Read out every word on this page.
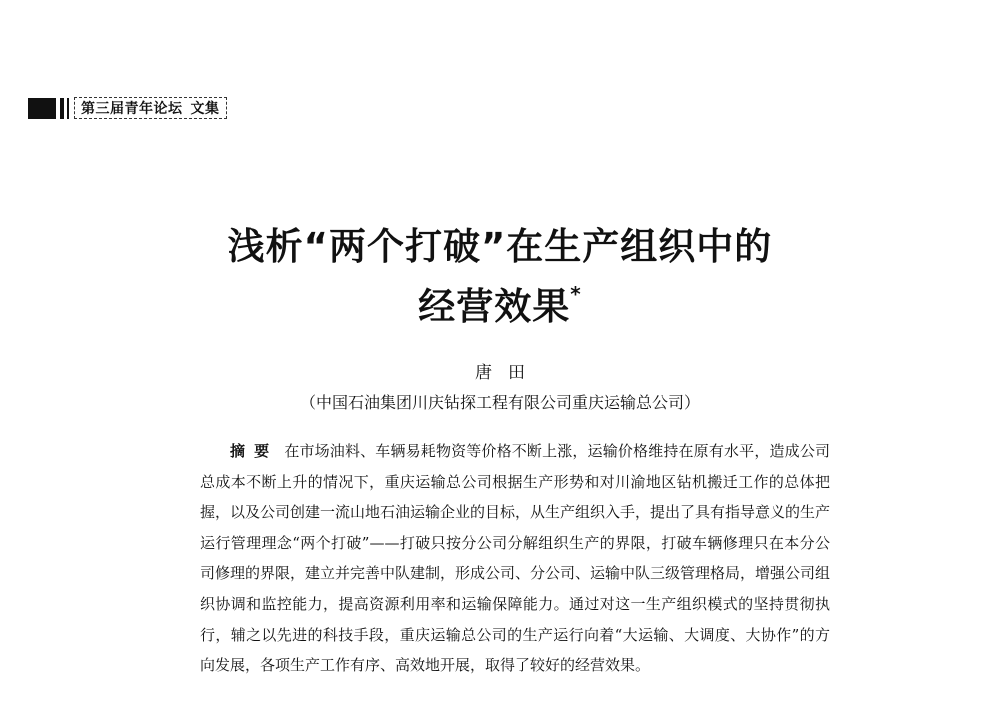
第三届青年论坛 文集
浅析“两个打破”在生产组织中的
经营效果*
唐田
（中国石油集团川庆钻探工程有限公司重庆运输总公司）

摘要 在市场油料、车辆易耗物资等价格不断上涨，运输价格维持在原有水平，造成公司总成本不断上升的情况下，重庆运输总公司根据生产形势和对川渝地区钻机搬迁工作的总体把握，以及公司创建一流山地石油运输企业的目标，从生产组织入手，提出了具有指导意义的生产运行管理理念“两个打破”——打破只按分公司分解组织生产的界限，打破车辆修理只在本分公司修理的界限，建立并完善中队建制，形成公司、分公司、运输中队三级管理格局，增强公司组织协调和监控能力，提高资源利用率和运输保障能力。通过对这一生产组织模式的坚持贯彻执行，辅之以先进的科技手段，重庆运输总公司的生产运行向着“大运输、大调度、大协作”的方向发展，各项生产工作有序、高效地开展，取得了较好的经营效果。
